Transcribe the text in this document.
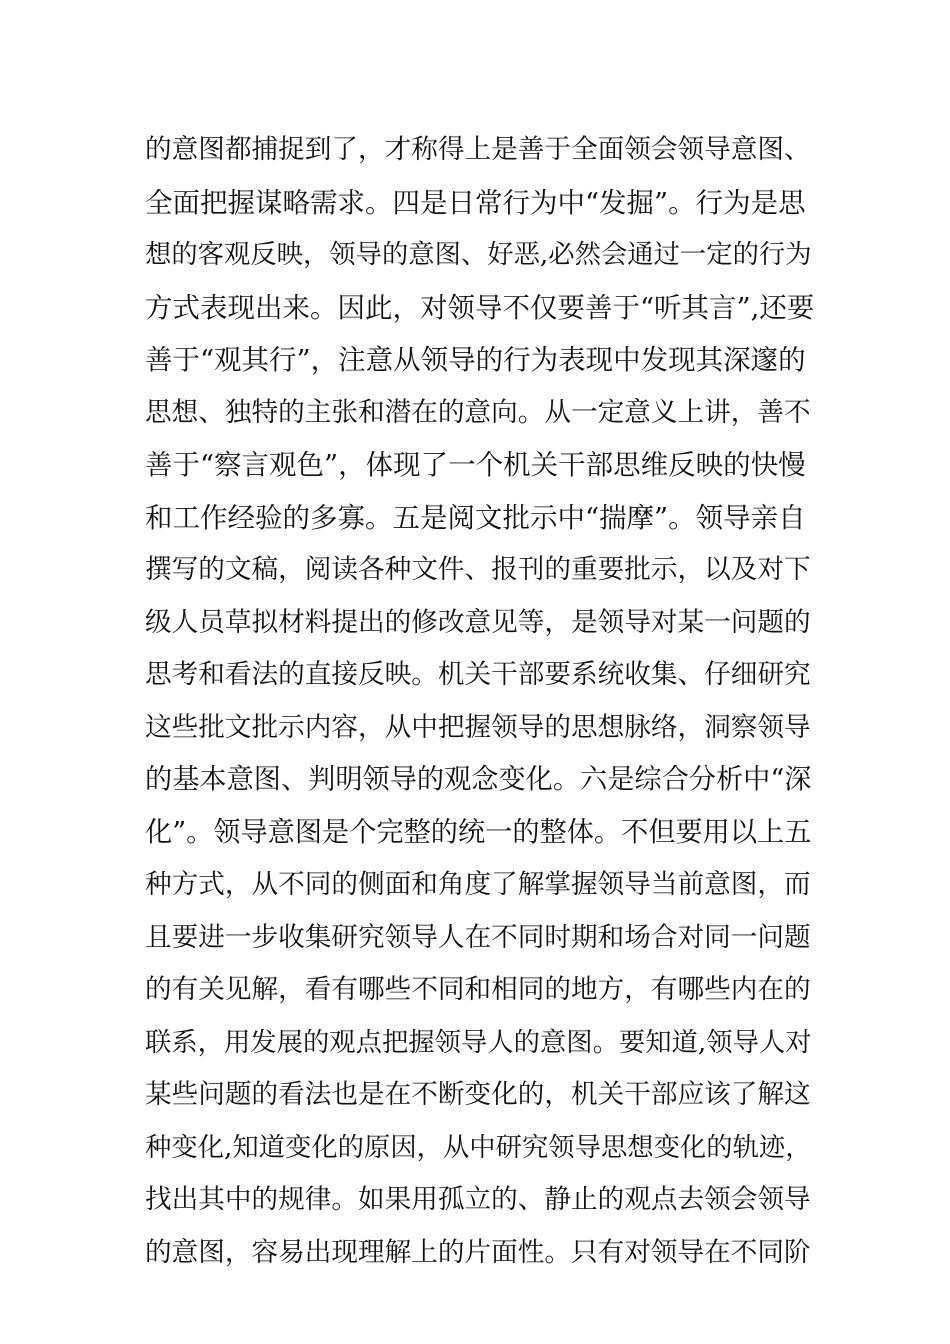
的意图都捕捉到了，才称得上是善于全面领会领导意图、
全面把握谋略需求。四是日常行为中“发掘”。行为是思
想的客观反映，领导的意图、好恶,必然会通过一定的行为
方式表现出来。因此，对领导不仅要善于“听其言”,还要
善于“观其行”，注意从领导的行为表现中发现其深邃的
思想、独特的主张和潜在的意向。从一定意义上讲，善不
善于“察言观色”，体现了一个机关干部思维反映的快慢
和工作经验的多寡。五是阅文批示中“揣摩”。领导亲自
撰写的文稿，阅读各种文件、报刊的重要批示，以及对下
级人员草拟材料提出的修改意见等，是领导对某一问题的
思考和看法的直接反映。机关干部要系统收集、仔细研究
这些批文批示内容，从中把握领导的思想脉络，洞察领导
的基本意图、判明领导的观念变化。六是综合分析中“深
化”。领导意图是个完整的统一的整体。不但要用以上五
种方式，从不同的侧面和角度了解掌握领导当前意图，而
且要进一步收集研究领导人在不同时期和场合对同一问题
的有关见解，看有哪些不同和相同的地方，有哪些内在的
联系，用发展的观点把握领导人的意图。要知道,领导人对
某些问题的看法也是在不断变化的，机关干部应该了解这
种变化,知道变化的原因，从中研究领导思想变化的轨迹，
找出其中的规律。如果用孤立的、静止的观点去领会领导
的意图，容易出现理解上的片面性。只有对领导在不同阶
